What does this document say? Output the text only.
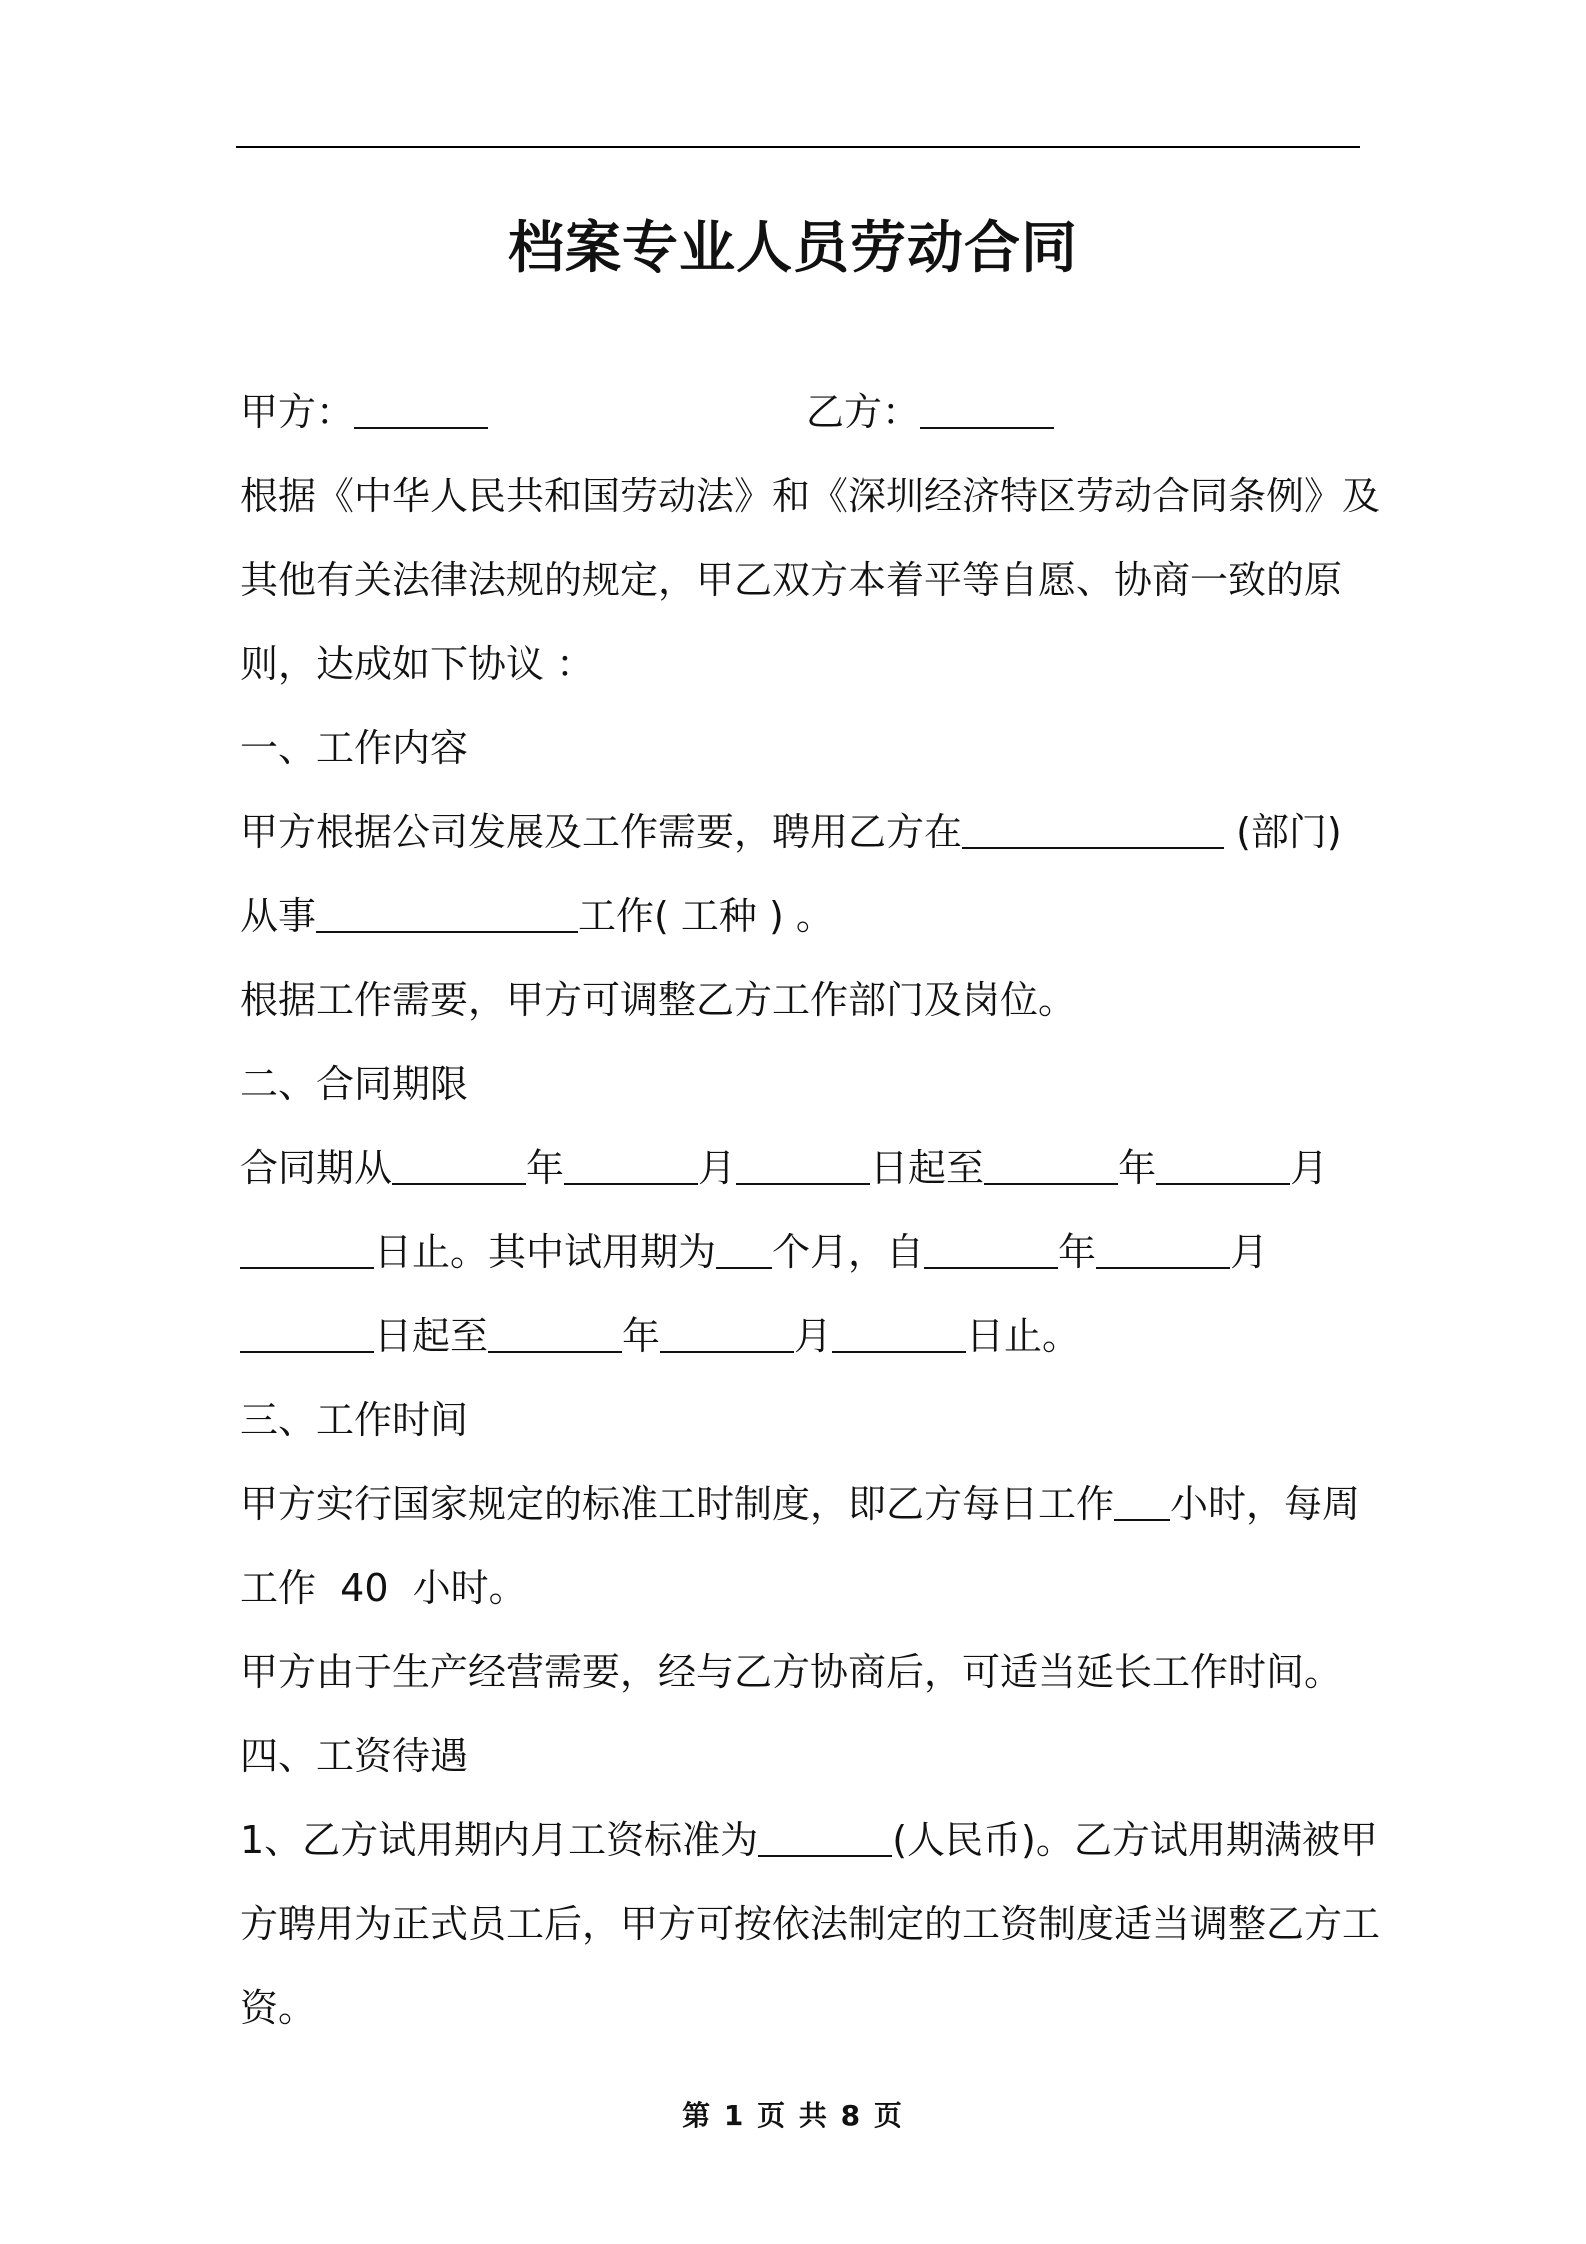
档案专业人员劳动合同
甲方：	乙方：
根据《中华人民共和国劳动法》和《深圳经济特区劳动合同条例》及
其他有关法律法规的规定，甲乙双方本着平等自愿、协商一致的原
则，达成如下协议 ：
一、工作内容
甲方根据公司发展及工作需要，聘用乙方在	(部门)
从事	工作( 工种 ) 。
根据工作需要，甲方可调整乙方工作部门及岗位。
二、合同期限
合同期从	年	月	日起至	年	月
日止。其中试用期为 个月，自	年	月
日起至	年	月	日止。
三、工作时间
甲方实行国家规定的标准工时制度，即乙方每日工作 小时，每周
工作  40  小时。
甲方由于生产经营需要，经与乙方协商后，可适当延长工作时间。
四、工资待遇
1、乙方试用期内月工资标准为	(人民币)。乙方试用期满被甲
方聘用为正式员工后，甲方可按依法制定的工资制度适当调整乙方工
资。
第 1 页 共 8 页
